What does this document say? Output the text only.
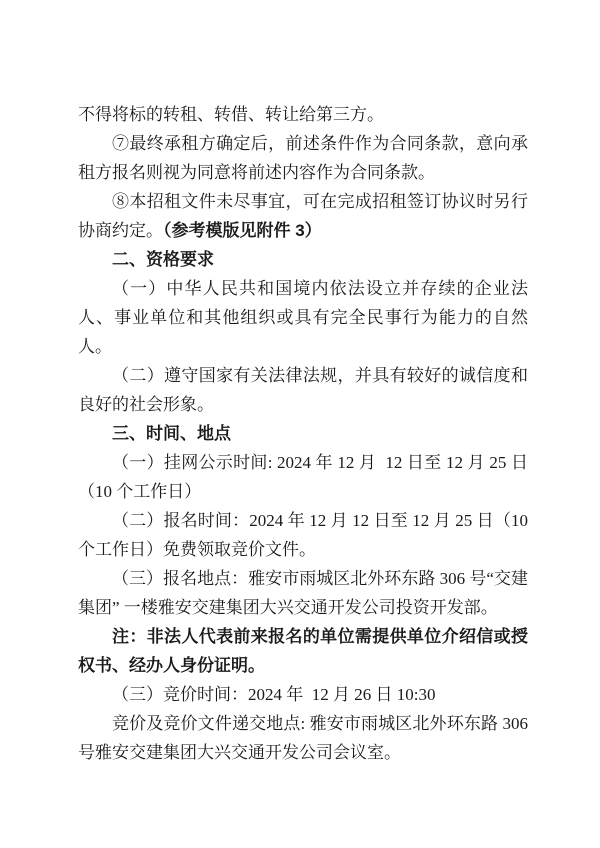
不得将标的转租、转借、转让给第三方。

⑦最终承租方确定后，前述条件作为合同条款，意向承租方报名则视为同意将前述内容作为合同条款。

⑧本招租文件未尽事宜，可在完成招租签订协议时另行协商约定。（参考模版见附件 3）

二、资格要求

（一）中华人民共和国境内依法设立并存续的企业法人、事业单位和其他组织或具有完全民事行为能力的自然人。

（二）遵守国家有关法律法规，并具有较好的诚信度和良好的社会形象。

三、时间、地点

（一）挂网公示时间: 2024 年 12 月  12 日至 12 月 25 日（10 个工作日）

（二）报名时间：2024 年 12 月 12 日至 12 月 25 日（10 个工作日）免费领取竞价文件。

（三）报名地点：雅安市雨城区北外环东路 306 号“交建集团” 一楼雅安交建集团大兴交通开发公司投资开发部。

注：非法人代表前来报名的单位需提供单位介绍信或授权书、经办人身份证明。

（三）竞价时间：2024 年  12 月 26 日 10:30

竞价及竞价文件递交地点: 雅安市雨城区北外环东路 306 号雅安交建集团大兴交通开发公司会议室。
